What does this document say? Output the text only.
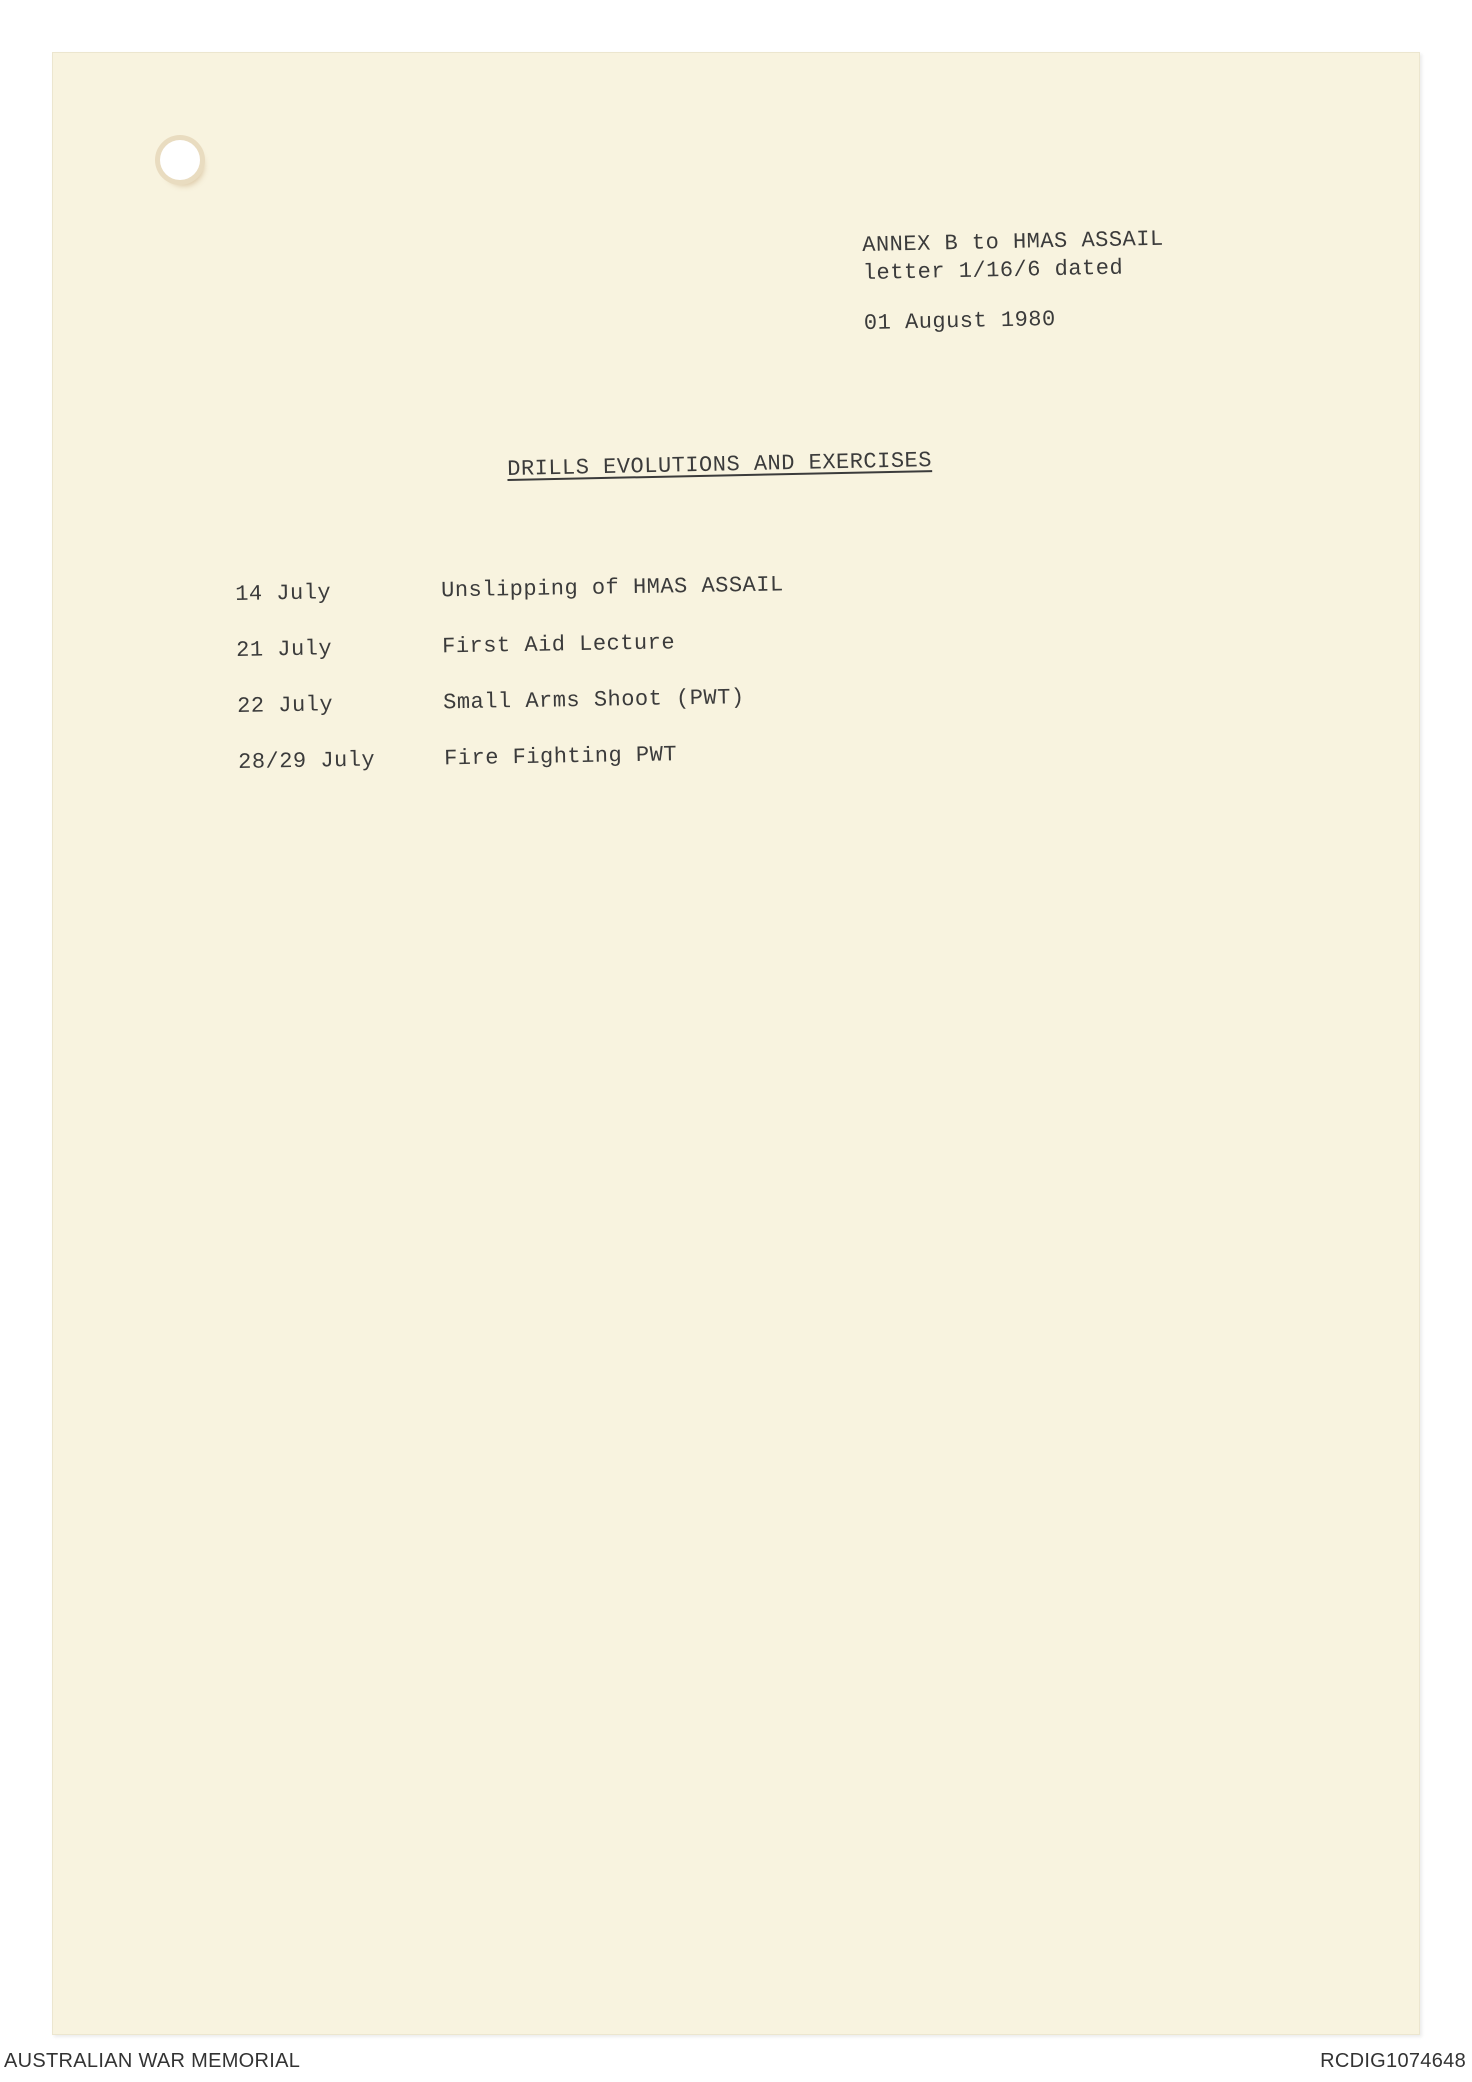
ANNEX B to HMAS ASSAIL
letter 1/16/6 dated
01 August 1980
DRILLS EVOLUTIONS AND EXERCISES
14 July	Unslipping of HMAS ASSAIL
21 July	First Aid Lecture
22 July	Small Arms Shoot (PWT)
28/29 July	Fire Fighting PWT
AUSTRALIAN WAR MEMORIAL	RCDIG1074648
